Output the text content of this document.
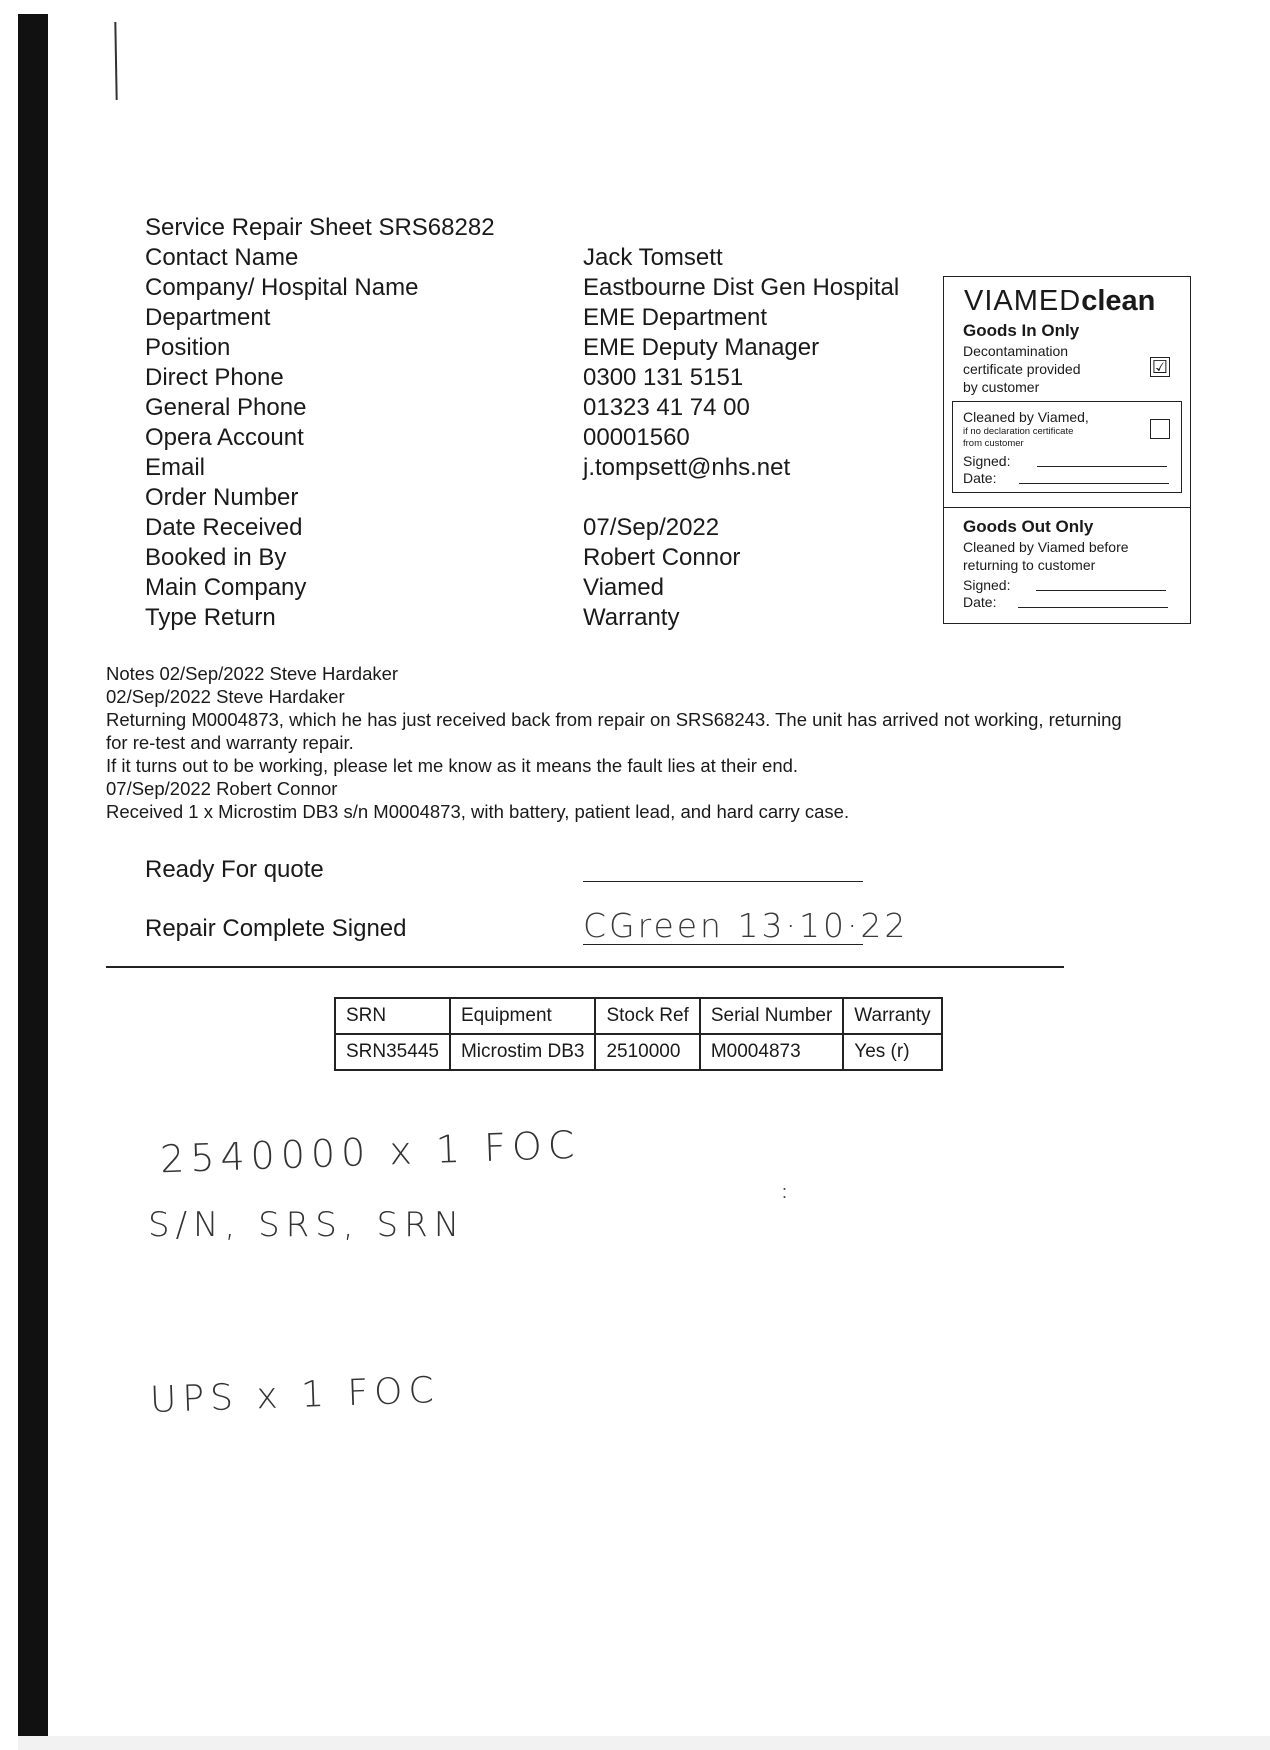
Service Repair Sheet SRS68282
Contact Name	Jack Tomsett
Company/ Hospital Name	Eastbourne Dist Gen Hospital
Department	EME Department
Position	EME Deputy Manager
Direct Phone	0300 131 5151
General Phone	01323 41 74 00
Opera Account	00001560
Email	j.tompsett@nhs.net
Order Number
Date Received	07/Sep/2022
Booked in By	Robert Connor
Main Company	Viamed
Type Return	Warranty
VIAMEDclean
Goods In Only
Decontamination
certificate provided
by customer
☑
Cleaned by Viamed,
if no declaration certificate
from customer
Signed:
Date:
Goods Out Only
Cleaned by Viamed before
returning to customer
Signed:
Date:
Notes 02/Sep/2022 Steve Hardaker
02/Sep/2022 Steve Hardaker
Returning M0004873, which he has just received back from repair on SRS68243. The unit has arrived not working, returning
for re-test and warranty repair.
If it turns out to be working, please let me know as it means the fault lies at their end.
07/Sep/2022 Robert Connor
Received 1 x Microstim DB3 s/n M0004873, with battery, patient lead, and hard carry case.
Ready For quote
Repair Complete Signed	CGreen 13·10·22
SRN	Equipment	Stock Ref	Serial Number	Warranty
SRN35445	Microstim DB3	2510000	M0004873	Yes (r)
2540000 x 1 FOC
:
S/N, SRS, SRN
UPS x 1 FOC
